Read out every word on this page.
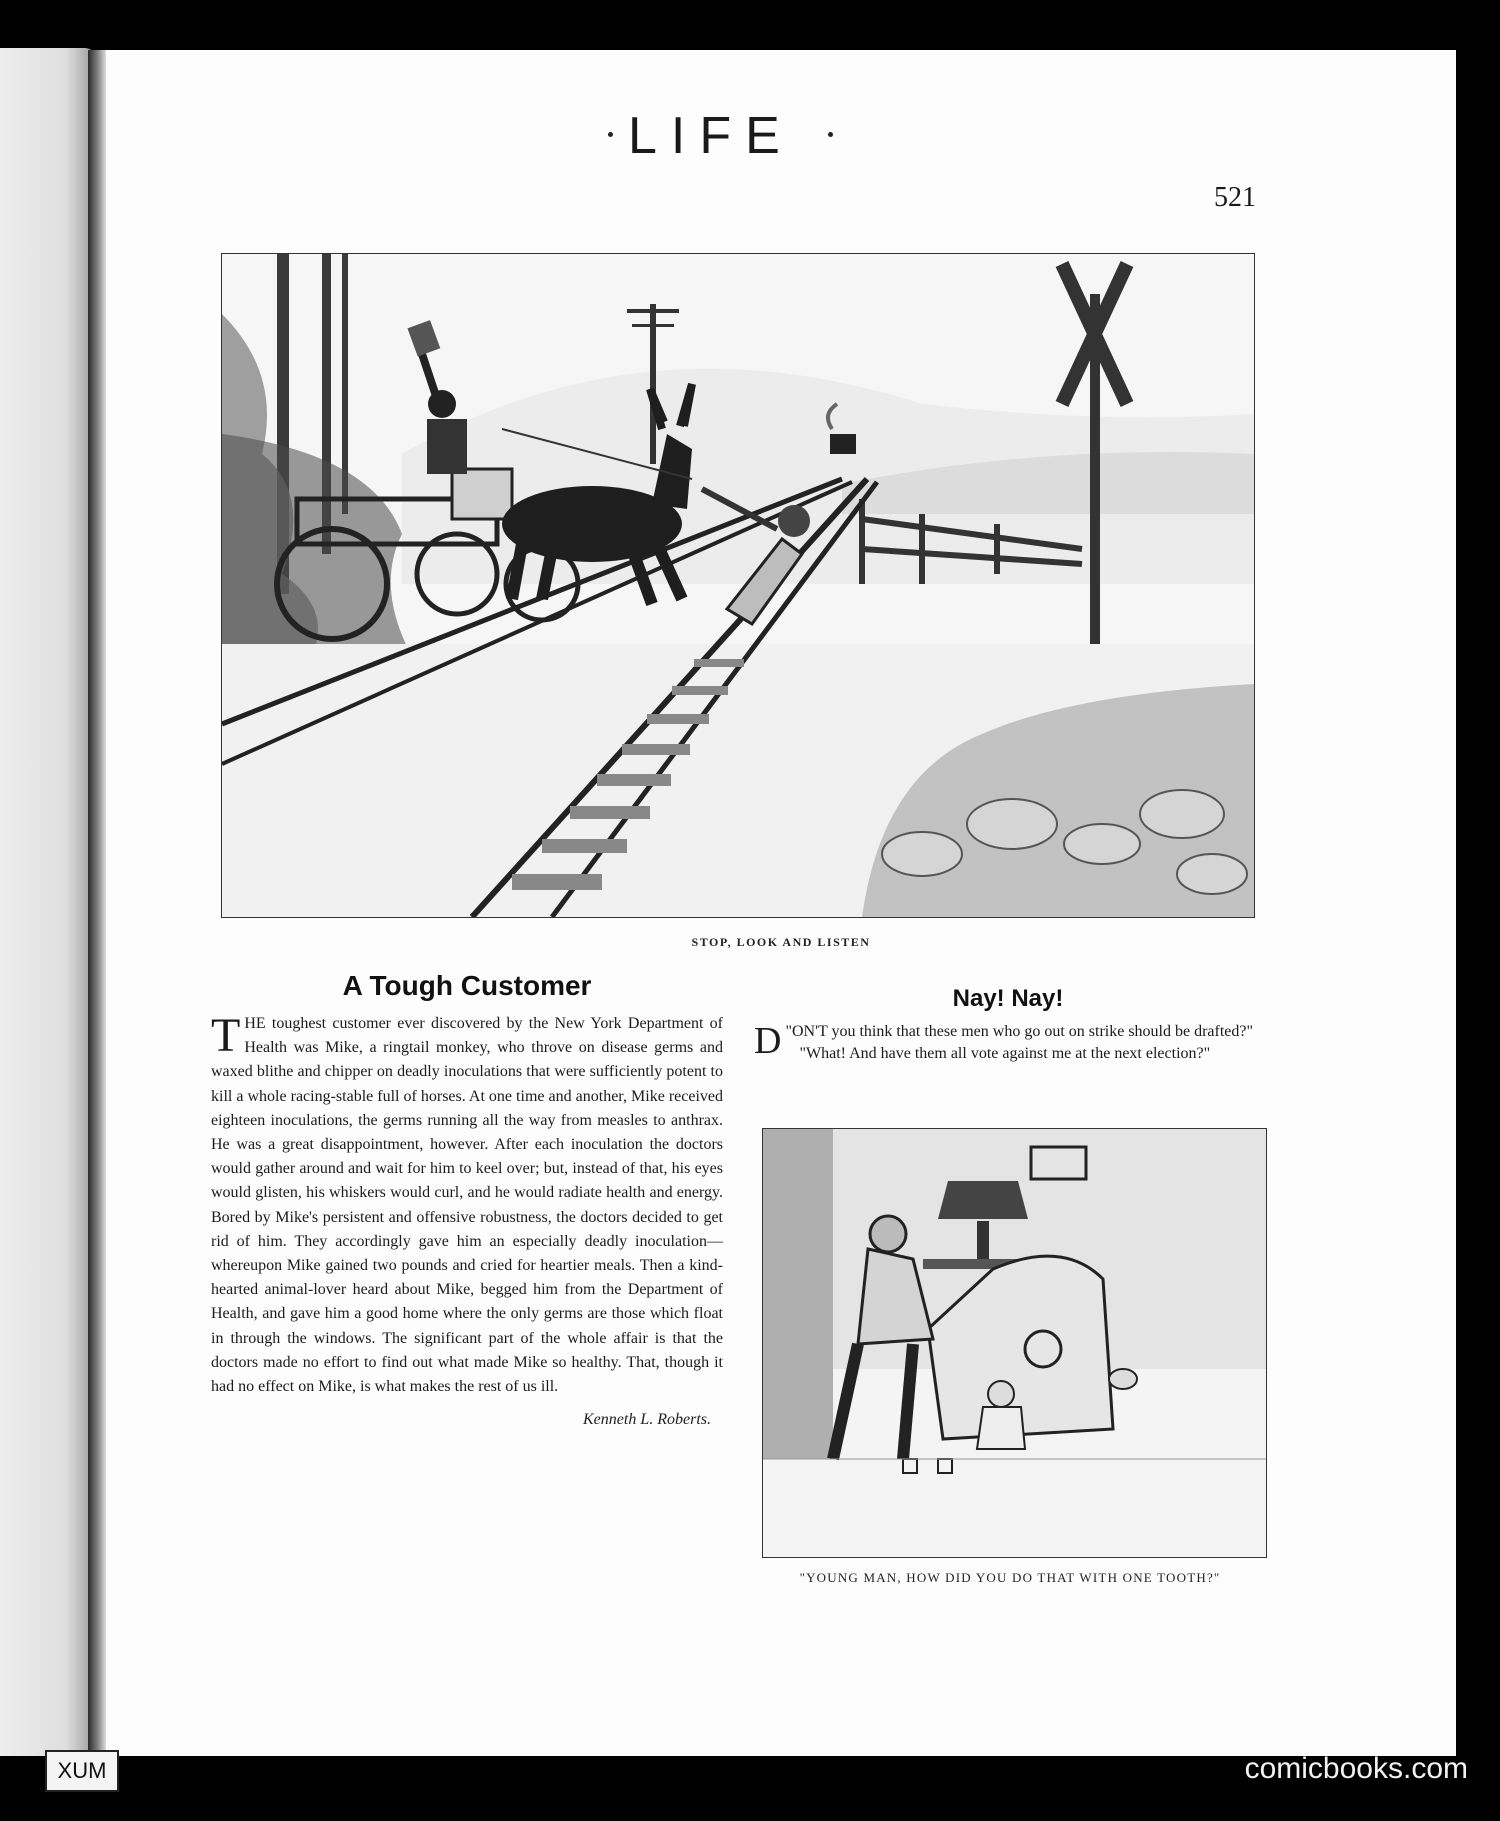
LIFE
521
STOP, LOOK AND LISTEN
A Tough Customer

THE toughest customer ever discovered by the New York Department of Health was Mike, a ringtail monkey, who throve on disease germs and waxed blithe and chipper on deadly inoculations that were sufficiently potent to kill a whole racing-stable full of horses. At one time and another, Mike received eighteen inoculations, the germs running all the way from measles to anthrax. He was a great disappointment, however. After each inoculation the doctors would gather around and wait for him to keel over; but, instead of that, his eyes would glisten, his whiskers would curl, and he would radiate health and energy. Bored by Mike's persistent and offensive robustness, the doctors decided to get rid of him. They accordingly gave him an especially deadly inoculation—whereupon Mike gained two pounds and cried for heartier meals. Then a kind-hearted animal-lover heard about Mike, begged him from the Department of Health, and gave him a good home where the only germs are those which float in through the windows. The significant part of the whole affair is that the doctors made no effort to find out what made Mike so healthy. That, though it had no effect on Mike, is what makes the rest of us ill.

Kenneth L. Roberts.
Nay! Nay!

"
D ON'T you think that these men who go out on strike should be drafted?"

"What! And have them all vote against me at the next election?"

"YOUNG MAN, HOW DID YOU DO THAT WITH ONE TOOTH?"
XUM	comicbooks.com
